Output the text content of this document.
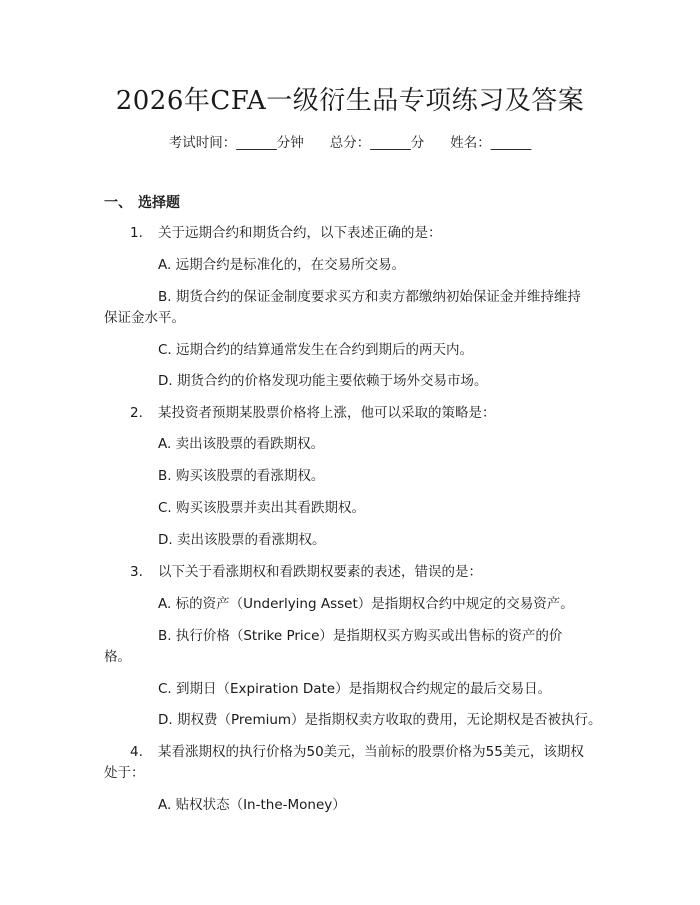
2026年CFA一级衍生品专项练习及答案
考试时间：______分钟 总分：______分 姓名：______
一、 选择题
1. 关于远期合约和期货合约，以下表述正确的是：
A. 远期合约是标准化的，在交易所交易。
B. 期货合约的保证金制度要求买方和卖方都缴纳初始保证金并维持维持
保证金水平。
C. 远期合约的结算通常发生在合约到期后的两天内。
D. 期货合约的价格发现功能主要依赖于场外交易市场。
2. 某投资者预期某股票价格将上涨，他可以采取的策略是：
A. 卖出该股票的看跌期权。
B. 购买该股票的看涨期权。
C. 购买该股票并卖出其看跌期权。
D. 卖出该股票的看涨期权。
3. 以下关于看涨期权和看跌期权要素的表述，错误的是：
A. 标的资产（Underlying Asset）是指期权合约中规定的交易资产。
B. 执行价格（Strike Price）是指期权买方购买或出售标的资产的价
格。
C. 到期日（Expiration Date）是指期权合约规定的最后交易日。
D. 期权费（Premium）是指期权卖方收取的费用，无论期权是否被执行。
4. 某看涨期权的执行价格为50美元，当前标的股票价格为55美元，该期权
处于：
A. 贴权状态（In-the-Money）
